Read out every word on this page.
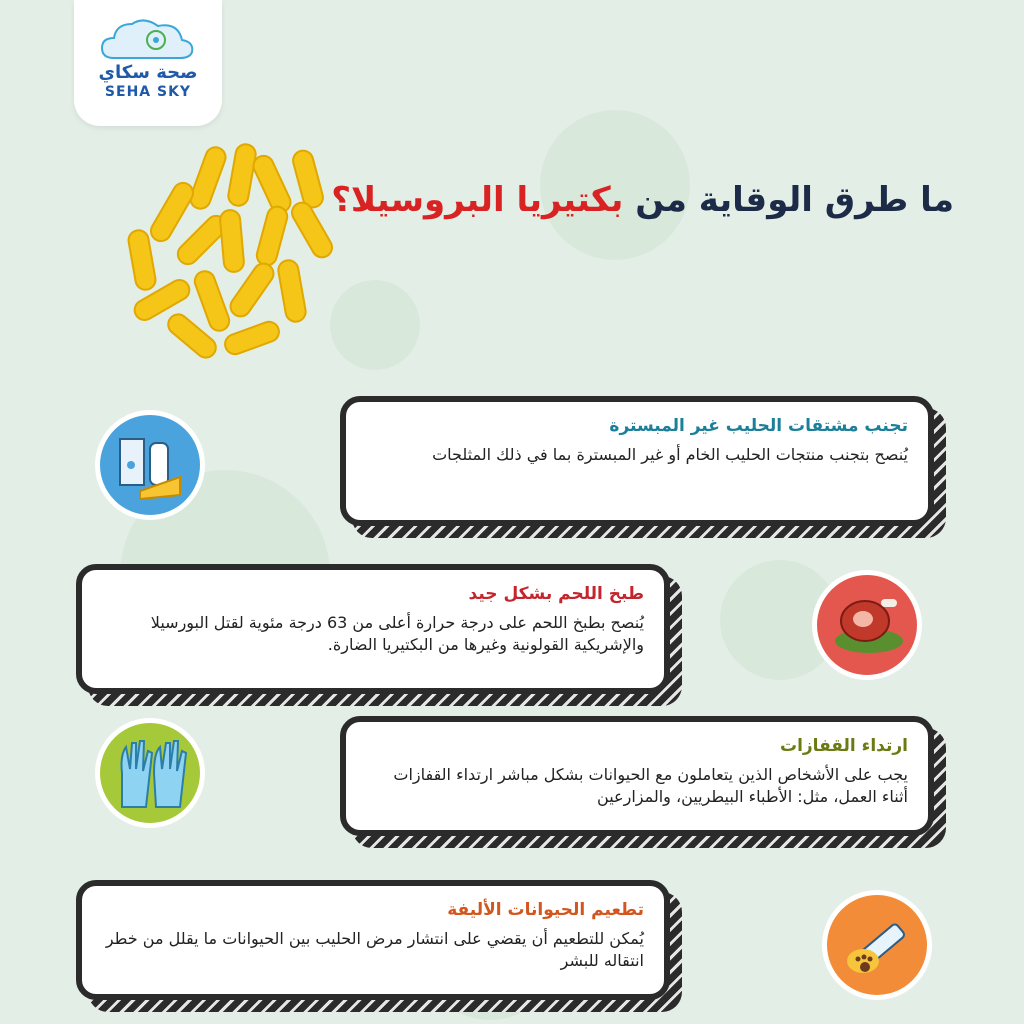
صحة سكاي
SEHA SKY
ما طرق الوقاية من بكتيريا البروسيلا؟
تجنب مشتقات الحليب غير المبسترة
يُنصح بتجنب منتجات الحليب الخام أو غير المبسترة بما في ذلك المثلجات
طبخ اللحم بشكل جيد
يُنصح بطبخ اللحم على درجة حرارة أعلى من 63 درجة مئوية لقتل البورسيلا والإشريكية القولونية وغيرها من البكتيريا الضارة.
ارتداء القفازات
يجب على الأشخاص الذين يتعاملون مع الحيوانات بشكل مباشر ارتداء القفازات أثناء العمل، مثل: الأطباء البيطريين، والمزارعين
تطعيم الحيوانات الأليفة
يُمكن للتطعيم أن يقضي على انتشار مرض الحليب بين الحيوانات ما يقلل من خطر انتقاله للبشر
